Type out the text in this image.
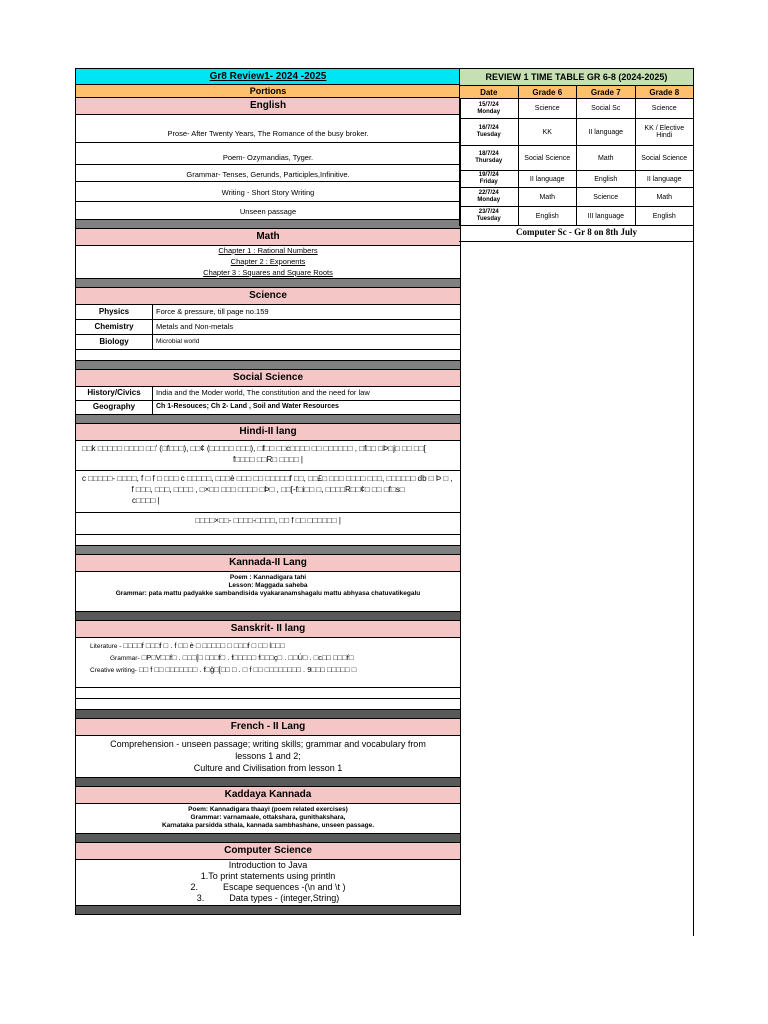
Gr8 Review1- 2024 -2025
Portions
English
Prose- After Twenty Years, The Romance of the busy broker.
Poem- Ozymandias, Tyger.
Grammar- Tenses, Gerunds, Participles,Infinitive.
Writing - Short Story Writing
Unseen passage
Math
Chapter 1 : Rational Numbers
Chapter 2 : Exponents
Chapter 3 : Squares and Square Roots
Science
Physics	Force & pressure, till page no.159
Chemistry	Metals and Non-metals
Biology	Microbial world
Social Science
History/Civics	India and the Moder world, The constitution and the need for law
Geography	Ch 1-Resouces; Ch 2- Land , Soil and Water Resources
Hindi-II lang
□□k □□□□□ □□□□ □□' (□f□□□), □□¢ (□□□□□ □□□), □f□□ □□c□□□□ □□ □□□□□□ , □f□□ □Þ□j□ □□ □□[
f□□□□ □□R□ □□□□ |
c □□□□□- □□□□, f □ f □ □□□ c □□□□□, □□□è □□□ □□ □□□□□f □□, □□£□ □□□ □□□□ □□□, □□□□□□ db □ Þ □ ,
f □□□, □□□, □□□□ , □×□□ □□□ □□□□ □Þ□ , □□[-f□i□□ □, □□□□R□□¢□ □□ □f□s□
c□□□□ |
□□□□×□□- □□□□-□□□□, □□ f □□ □□□□□□ |
Kannada-II Lang
Poem : Kannadigara tahi
Lesson: Maggada saheba
Grammar: pata mattu padyakke sambandisida vyakaranamshagalu mattu abhyasa chatuvatikegalu
Sanskrit- II lang
Literature - □□□□f □□□f □ . f □□ è □ □□□□□ □ □□□f □ □□ l□□□
Grammar- □P□V□□f□ . □□□[□ □□□f□ . f□□□□□ f□□□ç□ . □□Ú□ . □c□□ □□□f□
Creative writing- □□ f □□ □□□□□□□ . f□ğ□[□□ □ . □ f □□ □□□□□□□□ . 9□□□ □□□□□ □
French - II Lang
Comprehension - unseen passage; writing skills; grammar and vocabulary from
lessons 1 and 2;
Culture and Civilisation from lesson 1
Kaddaya Kannada
Poem: Kannadigara thaayi (poem related exercises)
Grammar: varnamaale, ottakshara, gunithakshara,
Karnataka parsidda sthala, kannada sambhashane, unseen passage.
Computer Science
Introduction to Java
1.To print statements using println
2.	Escape sequences -(\n and \t )
3.	Data types - (integer,String)
REVIEW 1 TIME TABLE GR 6-8 (2024-2025)			
Date	Grade 6	Grade 7	Grade 8

15/7/24
Monday	Science	Social Sc	Science

16/7/24
Tuesday	KK	II language	KK / Elective Hindi

18/7/24
Thursday	Social Science	Math	Social Science

19/7/24
Friday	II language	English	II language

22/7/24
Monday	Math	Science	Math

23/7/24
Tuesday	English	III language	English
Computer Sc - Gr 8 on 8th July
